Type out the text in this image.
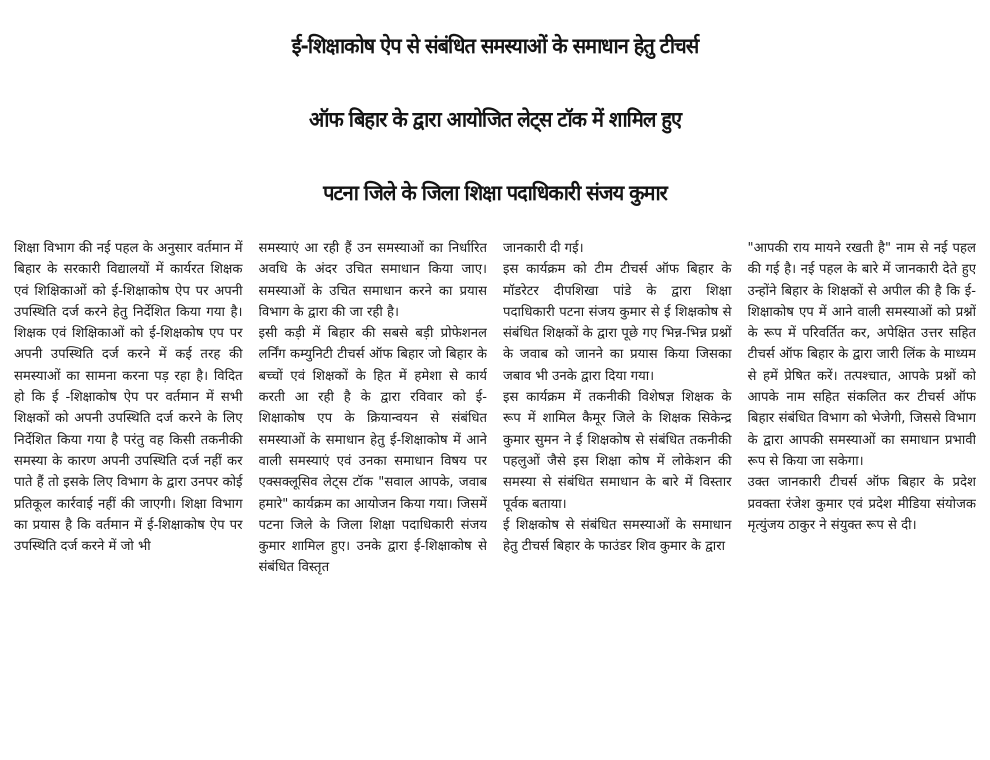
ई-शिक्षाकोष ऐप से संबंधित समस्याओं के समाधान हेतु टीचर्स
ऑफ बिहार के द्वारा आयोजित लेट्स टॉक में शामिल हुए
पटना जिले के जिला शिक्षा पदाधिकारी संजय कुमार

शिक्षा विभाग की नई पहल के अनुसार वर्तमान में बिहार के सरकारी विद्यालयों में कार्यरत शिक्षक एवं शिक्षिकाओं को ई-शिक्षाकोष ऐप पर अपनी उपस्थिति दर्ज करने हेतु निर्देशित किया गया है। शिक्षक एवं शिक्षिकाओं को ई-शिक्षकोष एप पर अपनी उपस्थिति दर्ज करने में कई तरह की समस्याओं का सामना करना पड़ रहा है। विदित हो कि ई -शिक्षाकोष ऐप पर वर्तमान में सभी शिक्षकों को अपनी उपस्थिति दर्ज करने के लिए निर्देशित किया गया है परंतु वह किसी तकनीकी समस्या के कारण अपनी उपस्थिति दर्ज नहीं कर पाते हैं तो इसके लिए विभाग के द्वारा उनपर कोई प्रतिकूल कार्रवाई नहीं की जाएगी। शिक्षा विभाग का प्रयास है कि वर्तमान में ई-शिक्षाकोष ऐप पर उपस्थिति दर्ज करने में जो भी

समस्याएं आ रही हैं उन समस्याओं का निर्धारित अवधि के अंदर उचित समाधान किया जाए। समस्याओं के उचित समाधान करने का प्रयास विभाग के द्वारा की जा रही है।

इसी कड़ी में बिहार की सबसे बड़ी प्रोफेशनल लर्निंग कम्युनिटी टीचर्स ऑफ बिहार जो बिहार के बच्चों एवं शिक्षकों के हित में हमेशा से कार्य करती आ रही है के द्वारा रविवार को ई-शिक्षाकोष एप के क्रियान्वयन से संबंधित समस्याओं के समाधान हेतु ई-शिक्षाकोष में आने वाली समस्याएं एवं उनका समाधान विषय पर एक्सक्लूसिव लेट्स टॉक "सवाल आपके, जवाब हमारे" कार्यक्रम का आयोजन किया गया। जिसमें पटना जिले के जिला शिक्षा पदाधिकारी संजय कुमार शामिल हुए। उनके द्वारा ई-शिक्षाकोष से संबंधित विस्तृत

जानकारी दी गई।

इस कार्यक्रम को टीम टीचर्स ऑफ बिहार के मॉडरेटर दीपशिखा पांडे के द्वारा शिक्षा पदाधिकारी पटना संजय कुमार से ई शिक्षकोष से संबंधित शिक्षकों के द्वारा पूछे गए भिन्न-भिन्न प्रश्नों के जवाब को जानने का प्रयास किया जिसका जबाव भी उनके द्वारा दिया गया।

इस कार्यक्रम में तकनीकी विशेषज्ञ शिक्षक के रूप में शामिल कैमूर जिले के शिक्षक सिकेन्द्र कुमार सुमन ने ई शिक्षकोष से संबंधित तकनीकी पहलुओं जैसे इस शिक्षा कोष में लोकेशन की समस्या से संबंधित समाधान के बारे में विस्तार पूर्वक बताया।

ई शिक्षकोष से संबंधित समस्याओं के समाधान हेतु टीचर्स बिहार के फाउंडर शिव कुमार के द्वारा

"आपकी राय मायने रखती है" नाम से नई पहल की गई है। नई पहल के बारे में जानकारी देते हुए उन्होंने बिहार के शिक्षकों से अपील की है कि ई-शिक्षाकोष एप में आने वाली समस्याओं को प्रश्नों के रूप में परिवर्तित कर, अपेक्षित उत्तर सहित टीचर्स ऑफ बिहार के द्वारा जारी लिंक के माध्यम से हमें प्रेषित करें। तत्पश्चात, आपके प्रश्नों को आपके नाम सहित संकलित कर टीचर्स ऑफ बिहार संबंधित विभाग को भेजेगी, जिससे विभाग के द्वारा आपकी समस्याओं का समाधान प्रभावी रूप से किया जा सकेगा।

उक्त जानकारी टीचर्स ऑफ बिहार के प्रदेश प्रवक्ता रंजेश कुमार एवं प्रदेश मीडिया संयोजक मृत्युंजय ठाकुर ने संयुक्त रूप से दी।
